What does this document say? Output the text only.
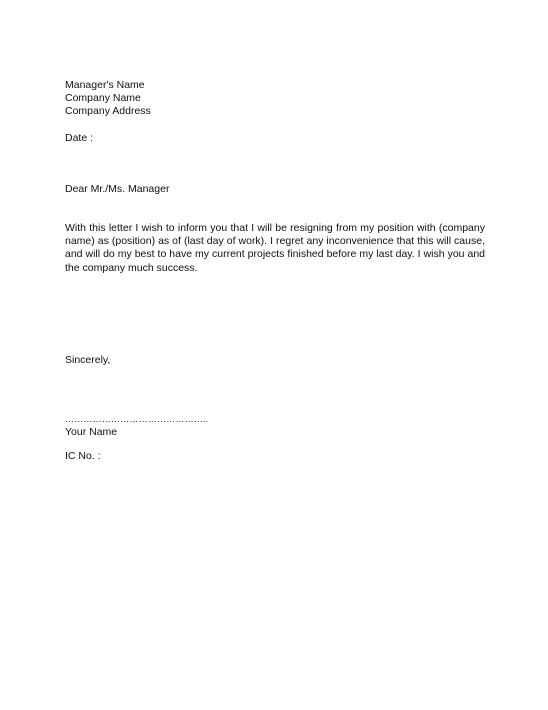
Manager's Name
Company Name
Company Address
Date :
Dear Mr./Ms. Manager
With this letter I wish to inform you that I will be resigning from my position with (company name) as (position) as of (last day of work). I regret any inconvenience that this will cause, and will do my best to have my current projects finished before my last day. I wish you and the company much success.
Sincerely,
………………………………………..
Your Name
IC No. :
